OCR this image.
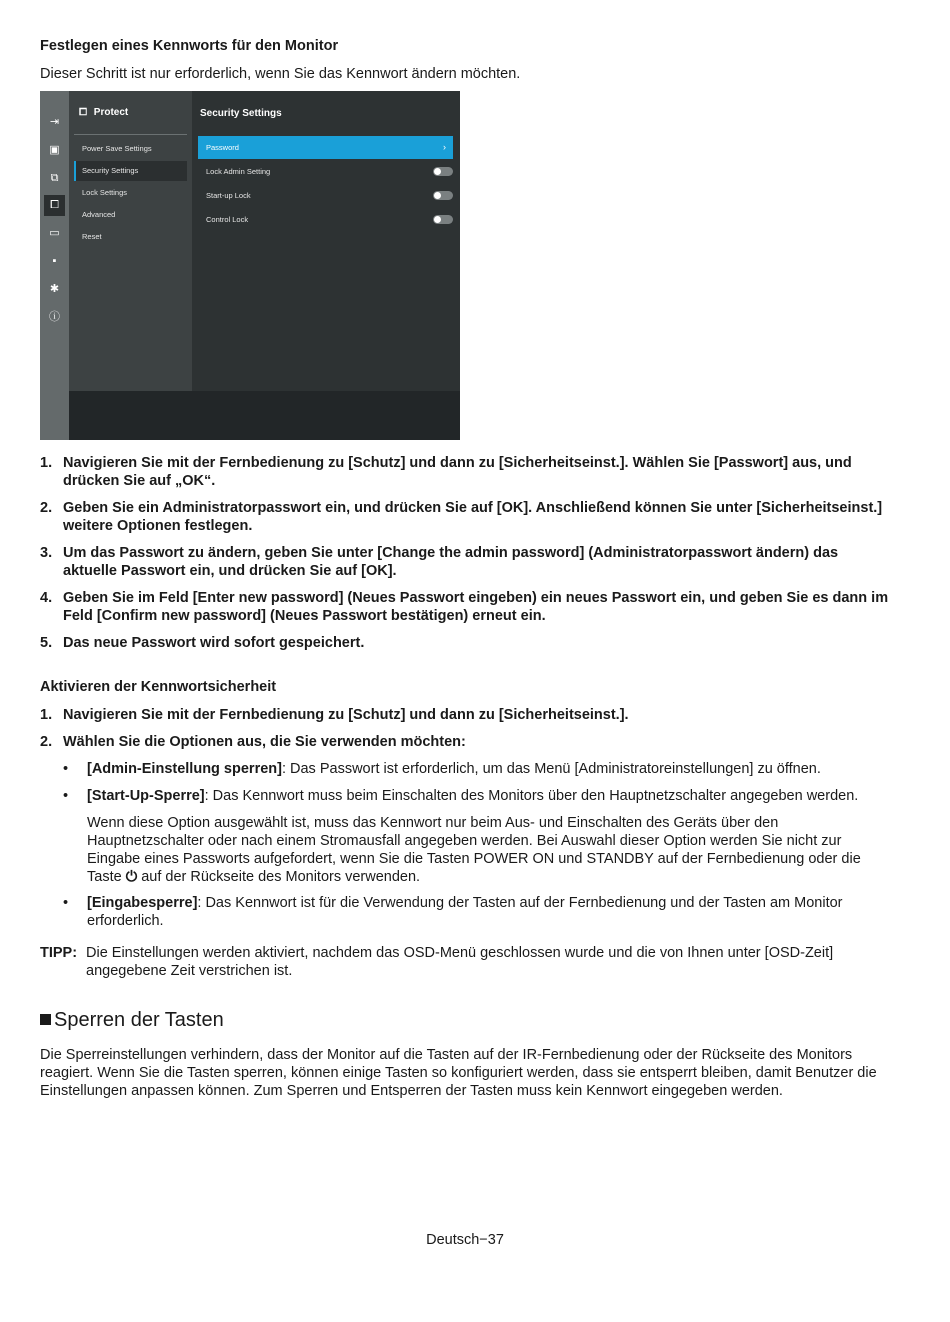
Festlegen eines Kennworts für den Monitor
Dieser Schritt ist nur erforderlich, wenn Sie das Kennwort ändern möchten.
⇥
▣
⧉
⧠
▭
▪
✱
ⓘ
⧠ Protect
Power Save Settings
Security Settings
Lock Settings
Advanced
Reset
Security Settings
Password	›
Lock Admin Setting
Start-up Lock
Control Lock
1. Navigieren Sie mit der Fernbedienung zu [Schutz] und dann zu [Sicherheitseinst.]. Wählen Sie [Passwort] aus, und drücken Sie auf „OK“.
2. Geben Sie ein Administratorpasswort ein, und drücken Sie auf [OK]. Anschließend können Sie unter [Sicherheitseinst.] weitere Optionen festlegen.
3. Um das Passwort zu ändern, geben Sie unter [Change the admin password] (Administratorpasswort ändern) das aktuelle Passwort ein, und drücken Sie auf [OK].
4. Geben Sie im Feld [Enter new password] (Neues Passwort eingeben) ein neues Passwort ein, und geben Sie es dann im Feld [Confirm new password] (Neues Passwort bestätigen) erneut ein.
5. Das neue Passwort wird sofort gespeichert.
Aktivieren der Kennwortsicherheit
1. Navigieren Sie mit der Fernbedienung zu [Schutz] und dann zu [Sicherheitseinst.].
2. Wählen Sie die Optionen aus, die Sie verwenden möchten:
• [Admin-Einstellung sperren]: Das Passwort ist erforderlich, um das Menü [Administratoreinstellungen] zu öffnen.
• [Start-Up-Sperre]: Das Kennwort muss beim Einschalten des Monitors über den Hauptnetzschalter angegeben werden.
Wenn diese Option ausgewählt ist, muss das Kennwort nur beim Aus- und Einschalten des Geräts über den Hauptnetzschalter oder nach einem Stromausfall angegeben werden. Bei Auswahl dieser Option werden Sie nicht zur Eingabe eines Passworts aufgefordert, wenn Sie die Tasten POWER ON und STANDBY auf der Fernbedienung oder die Taste ⏻ auf der Rückseite des Monitors verwenden.
• [Eingabesperre]: Das Kennwort ist für die Verwendung der Tasten auf der Fernbedienung und der Tasten am Monitor erforderlich.
TIPP: Die Einstellungen werden aktiviert, nachdem das OSD-Menü geschlossen wurde und die von Ihnen unter [OSD-Zeit] angegebene Zeit verstrichen ist.
Sperren der Tasten
Die Sperreinstellungen verhindern, dass der Monitor auf die Tasten auf der IR-Fernbedienung oder der Rückseite des Monitors reagiert. Wenn Sie die Tasten sperren, können einige Tasten so konfiguriert werden, dass sie entsperrt bleiben, damit Benutzer die Einstellungen anpassen können. Zum Sperren und Entsperren der Tasten muss kein Kennwort eingegeben werden.
Deutsch−37
